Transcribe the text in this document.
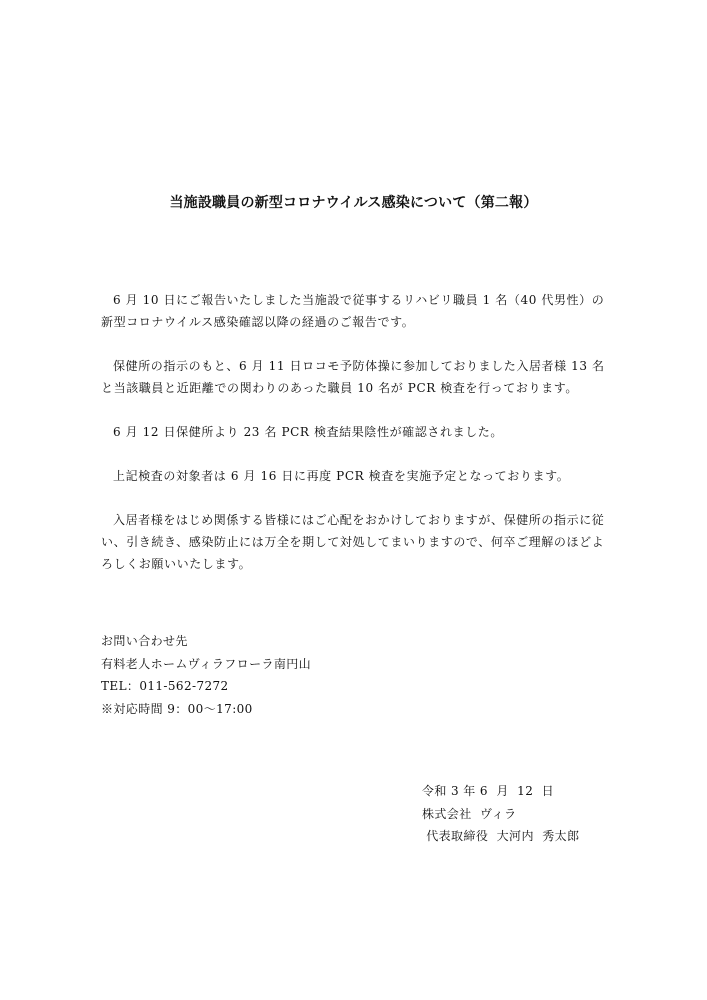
当施設職員の新型コロナウイルス感染について（第二報）

6 月 10 日にご報告いたしました当施設で従事するリハビリ職員 1 名（40 代男性）の新型コロナウイルス感染確認以降の経過のご報告です。

保健所の指示のもと、6 月 11 日ロコモ予防体操に参加しておりました入居者様 13 名と当該職員と近距離での関わりのあった職員 10 名が PCR 検査を行っております。

6 月 12 日保健所より 23 名 PCR 検査結果陰性が確認されました。

上記検査の対象者は 6 月 16 日に再度 PCR 検査を実施予定となっております。

入居者様をはじめ関係する皆様にはご心配をおかけしておりますが、保健所の指示に従い、引き続き、感染防止には万全を期して対処してまいりますので、何卒ご理解のほどよろしくお願いいたします。

お問い合わせ先
有料老人ホームヴィラフローラ南円山
TEL：011-562-7272
※対応時間 9：00～17:00
令和 3 年 6  月  12  日
株式会社  ヴィラ
代表取締役  大河内  秀太郎
